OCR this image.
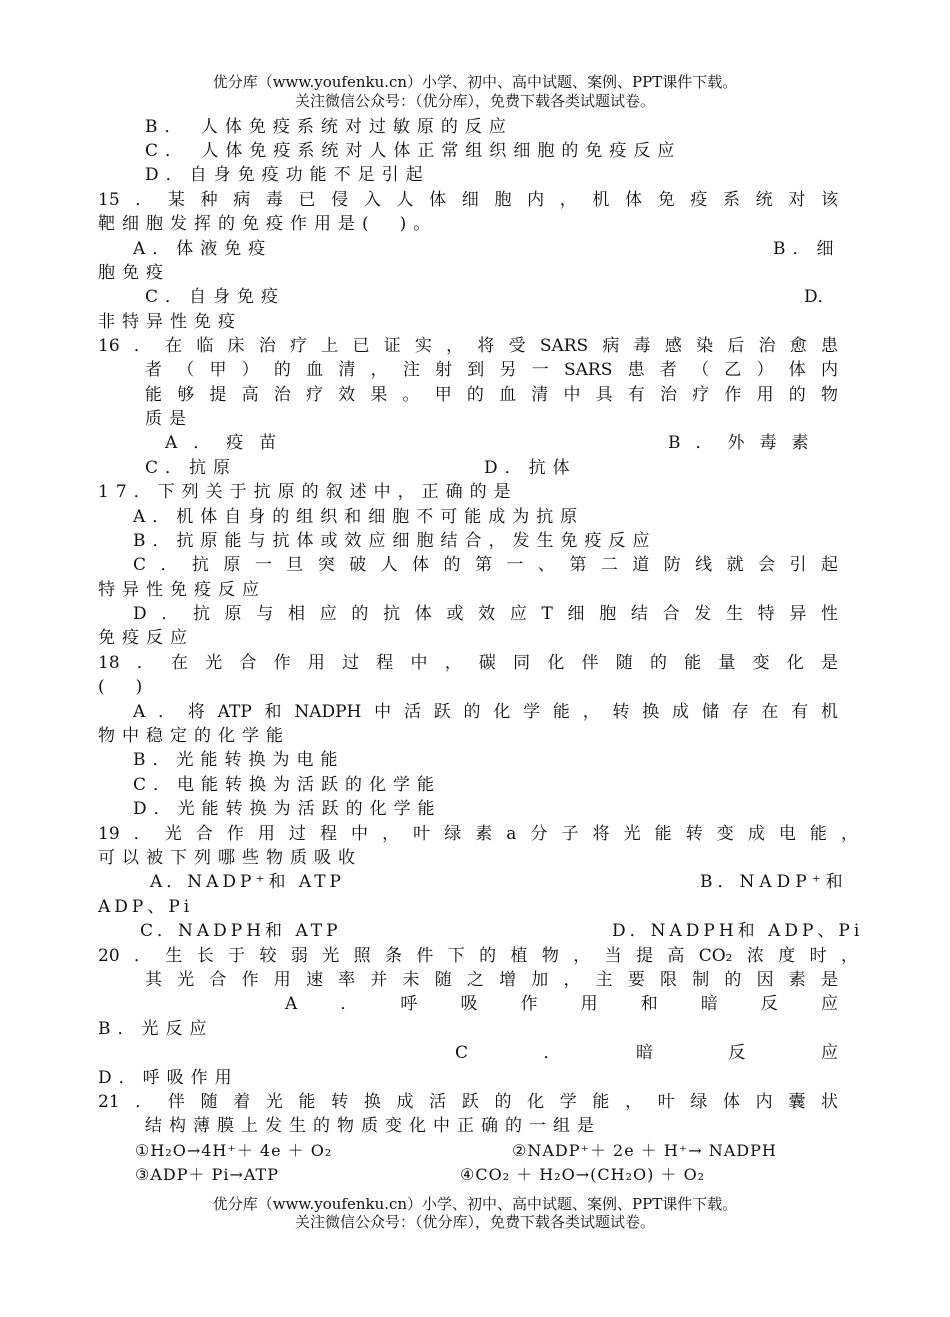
优分库（www.youfenku.cn）小学、初中、高中试题、案例、PPT课件下载。
关注微信公众号：（优分库），免费下载各类试题试卷。
B． 人体免疫系统对过敏原的反应
C． 人体免疫系统对人体正常组织细胞的免疫反应
D．自身免疫功能不足引起
15．某种病毒已侵入人体细胞内，机体免疫系统对该
靶细胞发挥的免疫作用是(　)。
A．体液免疫	B．细
胞免疫
C．自身免疫	D．
非特异性免疫
16．在临床治疗上已证实，将受SARS病毒感染后治愈患
者（甲）的血清，注射到另一SARS患者（乙）体内
能够提高治疗效果。甲的血清中具有治疗作用的物
质是
A．疫苗	B．外毒素
C．抗原	D．抗体
17．下列关于抗原的叙述中，正确的是
A．机体自身的组织和细胞不可能成为抗原
B．抗原能与抗体或效应细胞结合，发生免疫反应
C．抗原一旦突破人体的第一、第二道防线就会引起
特异性免疫反应
D．抗原与相应的抗体或效应T细胞结合发生特异性
免疫反应
18．在光合作用过程中，碳同化伴随的能量变化是
(　)
A．将ATP和NADPH中活跃的化学能，转换成储存在有机
物中稳定的化学能
B．光能转换为电能
C．电能转换为活跃的化学能
D．光能转换为活跃的化学能
19．光合作用过程中，叶绿素a分子将光能转变成电能，
可以被下列哪些物质吸收
A．NADP⁺和 ATP	B．NADP⁺和
ADP、Pi
C．NADPH和 ATP	D．NADPH和 ADP、Pi
20．生长于较弱光照条件下的植物，当提高CO₂浓度时，
其光合作用速率并未随之增加，主要限制的因素是
A．呼吸作用和暗反应
B．光反应
C．暗反应
D．呼吸作用
21．伴随着光能转换成活跃的化学能，叶绿体内囊状
结构薄膜上发生的物质变化中正确的一组是
①H₂O→4H⁺＋ 4e ＋ O₂	②NADP⁺＋ 2e ＋ H⁺→ NADPH
③ADP＋ Pi→ATP	④CO₂ ＋ H₂O→(CH₂O) ＋ O₂
优分库（www.youfenku.cn）小学、初中、高中试题、案例、PPT课件下载。
关注微信公众号：（优分库），免费下载各类试题试卷。
